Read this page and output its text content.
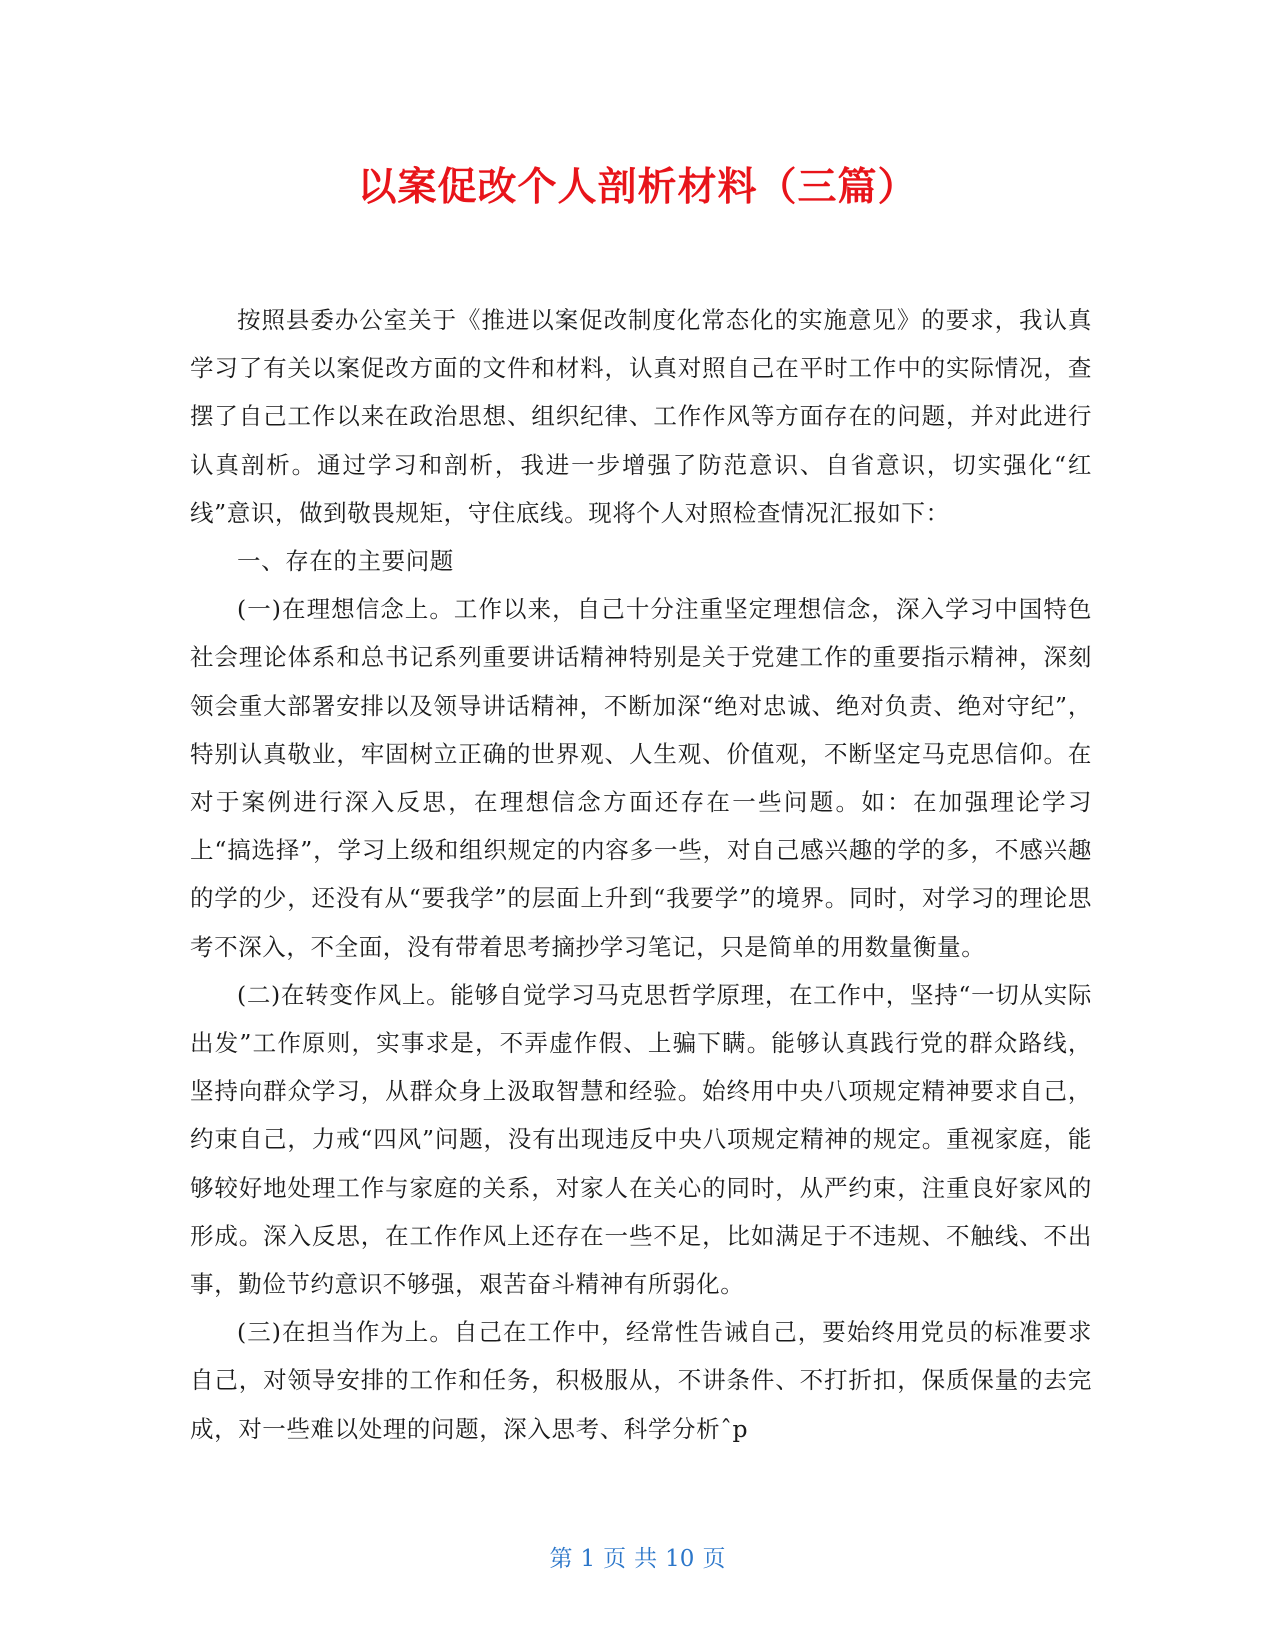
以案促改个人剖析材料（三篇）

按照县委办公室关于《推进以案促改制度化常态化的实施意见》的要求，我认真学习了有关以案促改方面的文件和材料，认真对照自己在平时工作中的实际情况，查摆了自己工作以来在政治思想、组织纪律、工作作风等方面存在的问题，并对此进行认真剖析。通过学习和剖析，我进一步增强了防范意识、自省意识，切实强化“红线”意识，做到敬畏规矩，守住底线。现将个人对照检查情况汇报如下：

一、存在的主要问题

(一)在理想信念上。工作以来，自己十分注重坚定理想信念，深入学习中国特色社会理论体系和总书记系列重要讲话精神特别是关于党建工作的重要指示精神，深刻领会重大部署安排以及领导讲话精神，不断加深“绝对忠诚、绝对负责、绝对守纪”，特别认真敬业，牢固树立正确的世界观、人生观、价值观，不断坚定马克思信仰。在对于案例进行深入反思，在理想信念方面还存在一些问题。如：在加强理论学习上“搞选择”，学习上级和组织规定的内容多一些，对自己感兴趣的学的多，不感兴趣的学的少，还没有从“要我学”的层面上升到“我要学”的境界。同时，对学习的理论思考不深入，不全面，没有带着思考摘抄学习笔记，只是简单的用数量衡量。

(二)在转变作风上。能够自觉学习马克思哲学原理，在工作中，坚持“一切从实际出发”工作原则，实事求是，不弄虚作假、上骗下瞒。能够认真践行党的群众路线，坚持向群众学习，从群众身上汲取智慧和经验。始终用中央八项规定精神要求自己，约束自己，力戒“四风”问题，没有出现违反中央八项规定精神的规定。重视家庭，能够较好地处理工作与家庭的关系，对家人在关心的同时，从严约束，注重良好家风的形成。深入反思，在工作作风上还存在一些不足，比如满足于不违规、不触线、不出事，勤俭节约意识不够强，艰苦奋斗精神有所弱化。

(三)在担当作为上。自己在工作中，经常性告诫自己，要始终用党员的标准要求自己，对领导安排的工作和任务，积极服从，不讲条件、不打折扣，保质保量的去完成，对一些难以处理的问题，深入思考、科学分析ˆp

第 1 页 共 10 页
